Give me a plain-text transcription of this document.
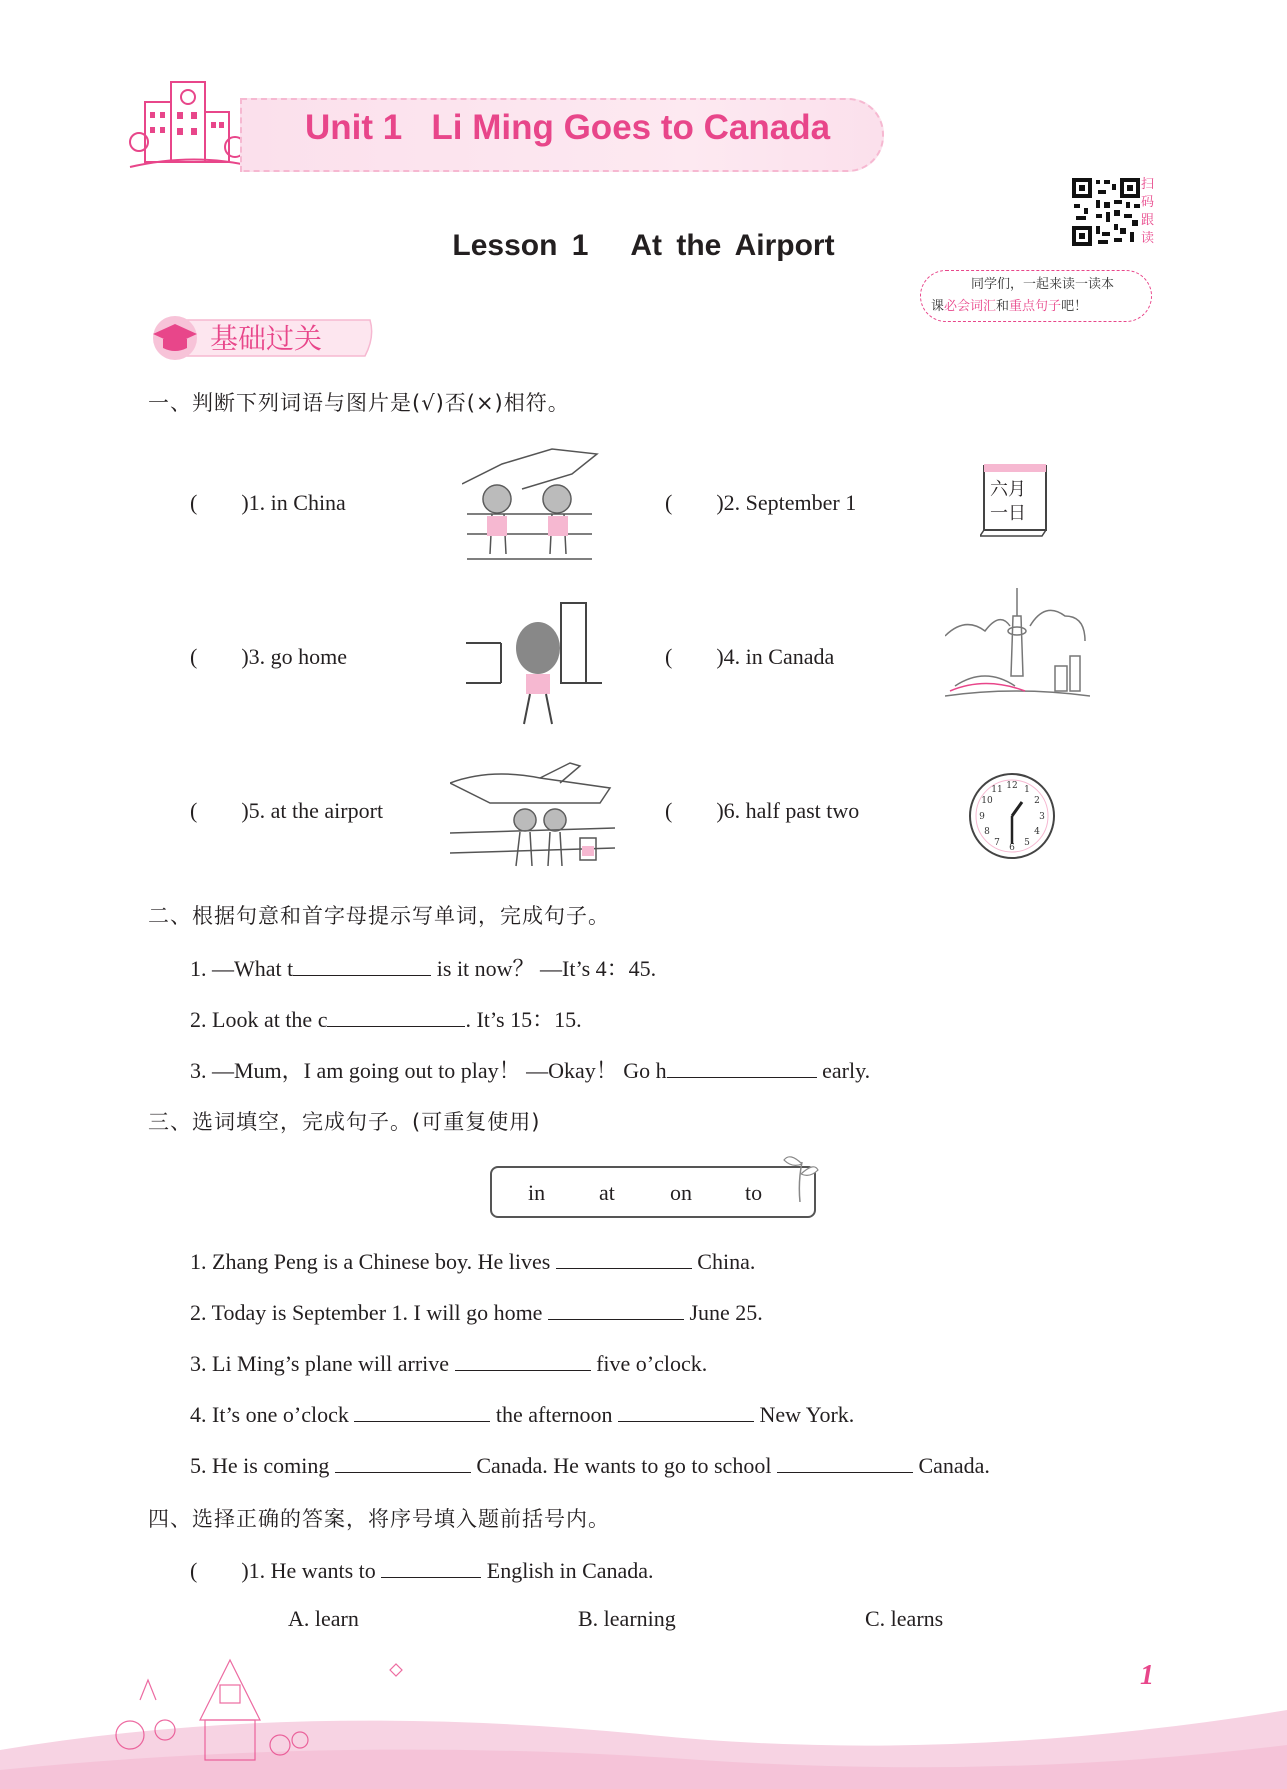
Unit 1   Li Ming Goes to Canada
扫码跟读
Lesson 1   At the Airport
同学们，一起来读一读本
课必会词汇和重点句子吧！
基础过关
一、判断下列词语与图片是(√)否(×)相符。
(        )1. in China	(        )2. September 1
六月
一日
(        )3. go home	(        )4. in Canada
(        )5. at the airport	(        )6. half past two
12 1
2
3
4
5
6
7
8
9
10
11
二、根据句意和首字母提示写单词，完成句子。
1. —What t	is it now？ —It’s 4：45.
2. Look at the c	. It’s 15：15.
3. —Mum，I am going out to play！ —Okay！ Go h	early.
三、选词填空，完成句子。(可重复使用)
in at	on to
1. Zhang Peng is a Chinese boy. He lives	China.
2. Today is September 1. I will go home	June 25.
3. Li Ming’s plane will arrive	five o’clock.
4. It’s one o’clock	the afternoon	New York.
5. He is coming	Canada. He wants to go to school	Canada.
四、选择正确的答案，将序号填入题前括号内。
(        )1. He wants to	English in Canada.
A. learn	B. learning	C. learns
1
